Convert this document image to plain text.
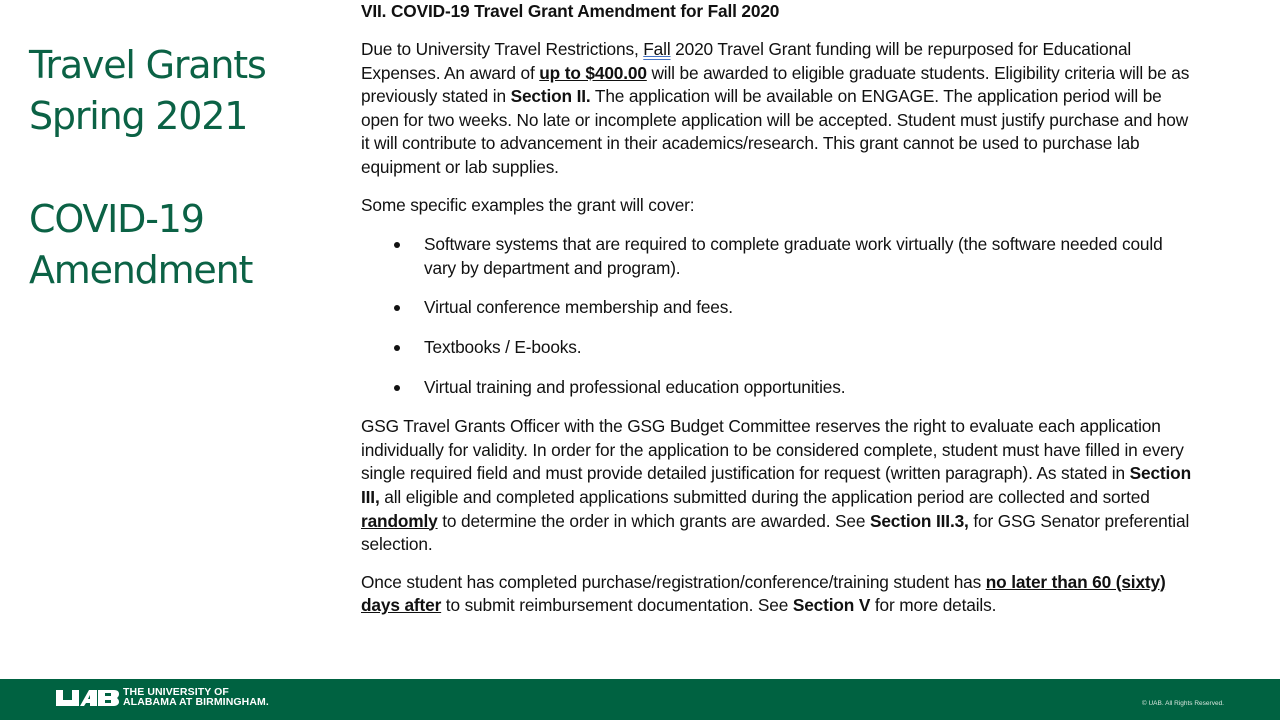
Travel Grants
Spring 2021
COVID-19
Amendment
VII. COVID-19 Travel Grant Amendment for Fall 2020

Due to University Travel Restrictions, Fall 2020 Travel Grant funding will be repurposed for Educational Expenses. An award of up to $400.00 will be awarded to eligible graduate students. Eligibility criteria will be as previously stated in Section II. The application will be available on ENGAGE. The application period will be open for two weeks. No late or incomplete application will be accepted. Student must justify purchase and how it will contribute to advancement in their academics/research. This grant cannot be used to purchase lab equipment or lab supplies.

Some specific examples the grant will cover:

Software systems that are required to complete graduate work virtually (the software needed could vary by department and program).
Virtual conference membership and fees.
Textbooks / E-books.
Virtual training and professional education opportunities.

GSG Travel Grants Officer with the GSG Budget Committee reserves the right to evaluate each application individually for validity. In order for the application to be considered complete, student must have filled in every single required field and must provide detailed justification for request (written paragraph). As stated in Section III, all eligible and completed applications submitted during the application period are collected and sorted randomly to determine the order in which grants are awarded. See Section III.3, for GSG Senator preferential selection.

Once student has completed purchase/registration/conference/training student has no later than 60 (sixty) days after to submit reimbursement documentation. See Section V for more details.

THE UNIVERSITY OF
ALABAMA AT BIRMINGHAM.	© UAB. All Rights Reserved.
